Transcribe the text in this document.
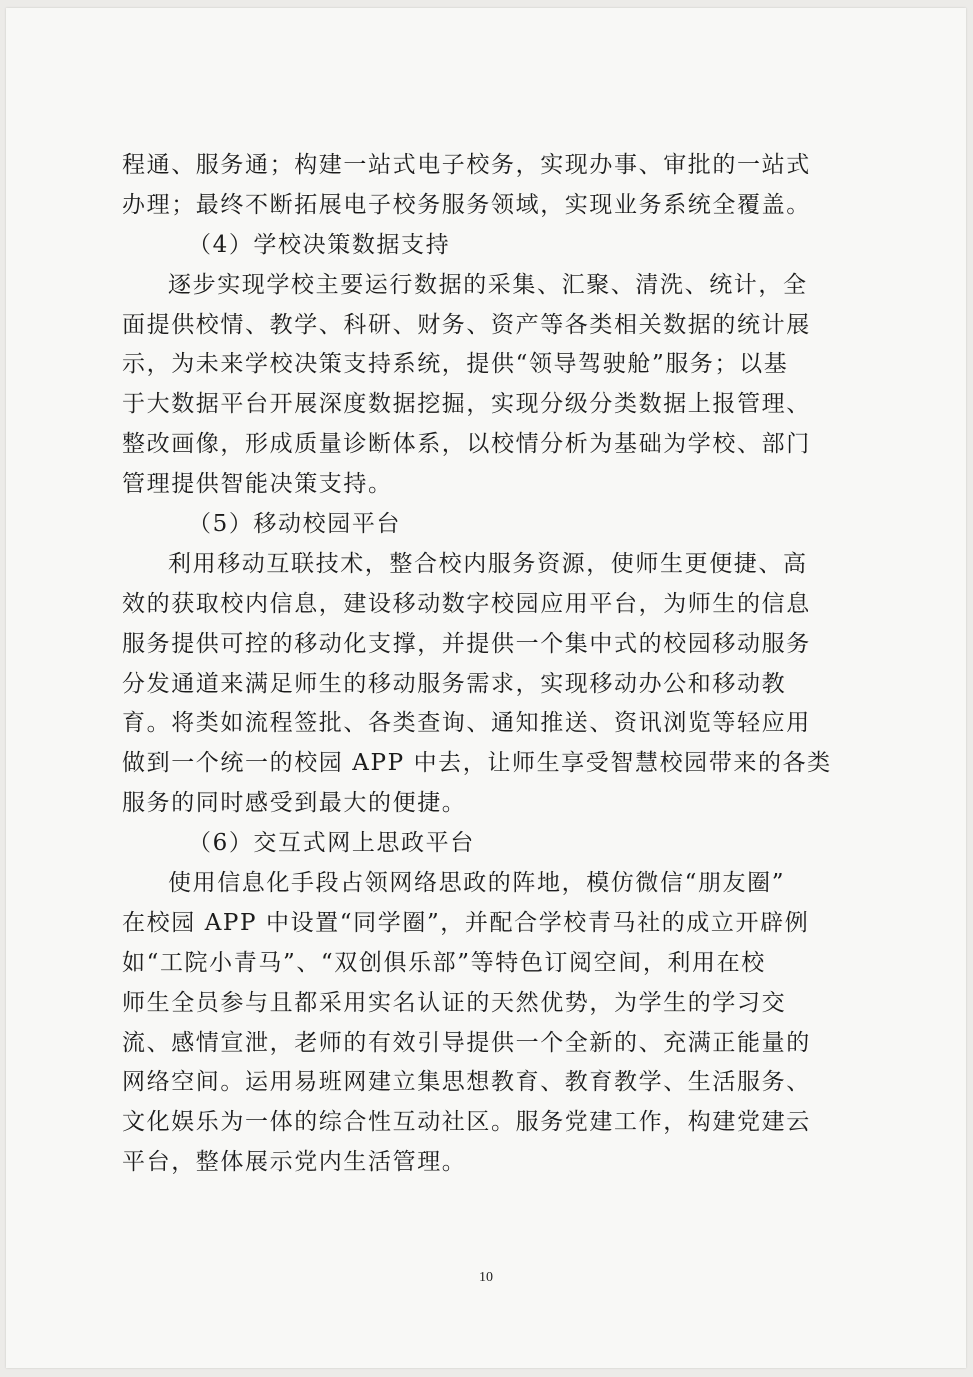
程通、服务通；构建一站式电子校务，实现办事、审批的一站式
办理；最终不断拓展电子校务服务领域，实现业务系统全覆盖。
（4）学校决策数据支持
逐步实现学校主要运行数据的采集、汇聚、清洗、统计，全
面提供校情、教学、科研、财务、资产等各类相关数据的统计展
示，为未来学校决策支持系统，提供“领导驾驶舱”服务；以基
于大数据平台开展深度数据挖掘，实现分级分类数据上报管理、
整改画像，形成质量诊断体系，以校情分析为基础为学校、部门
管理提供智能决策支持。
（5）移动校园平台
利用移动互联技术，整合校内服务资源，使师生更便捷、高
效的获取校内信息，建设移动数字校园应用平台，为师生的信息
服务提供可控的移动化支撑，并提供一个集中式的校园移动服务
分发通道来满足师生的移动服务需求，实现移动办公和移动教
育。将类如流程签批、各类查询、通知推送、资讯浏览等轻应用
做到一个统一的校园 APP 中去，让师生享受智慧校园带来的各类
服务的同时感受到最大的便捷。
（6）交互式网上思政平台
使用信息化手段占领网络思政的阵地，模仿微信“朋友圈”
在校园 APP 中设置“同学圈”，并配合学校青马社的成立开辟例
如“工院小青马”、“双创俱乐部”等特色订阅空间，利用在校
师生全员参与且都采用实名认证的天然优势，为学生的学习交
流、感情宣泄，老师的有效引导提供一个全新的、充满正能量的
网络空间。运用易班网建立集思想教育、教育教学、生活服务、
文化娱乐为一体的综合性互动社区。服务党建工作，构建党建云
平台，整体展示党内生活管理。
10
